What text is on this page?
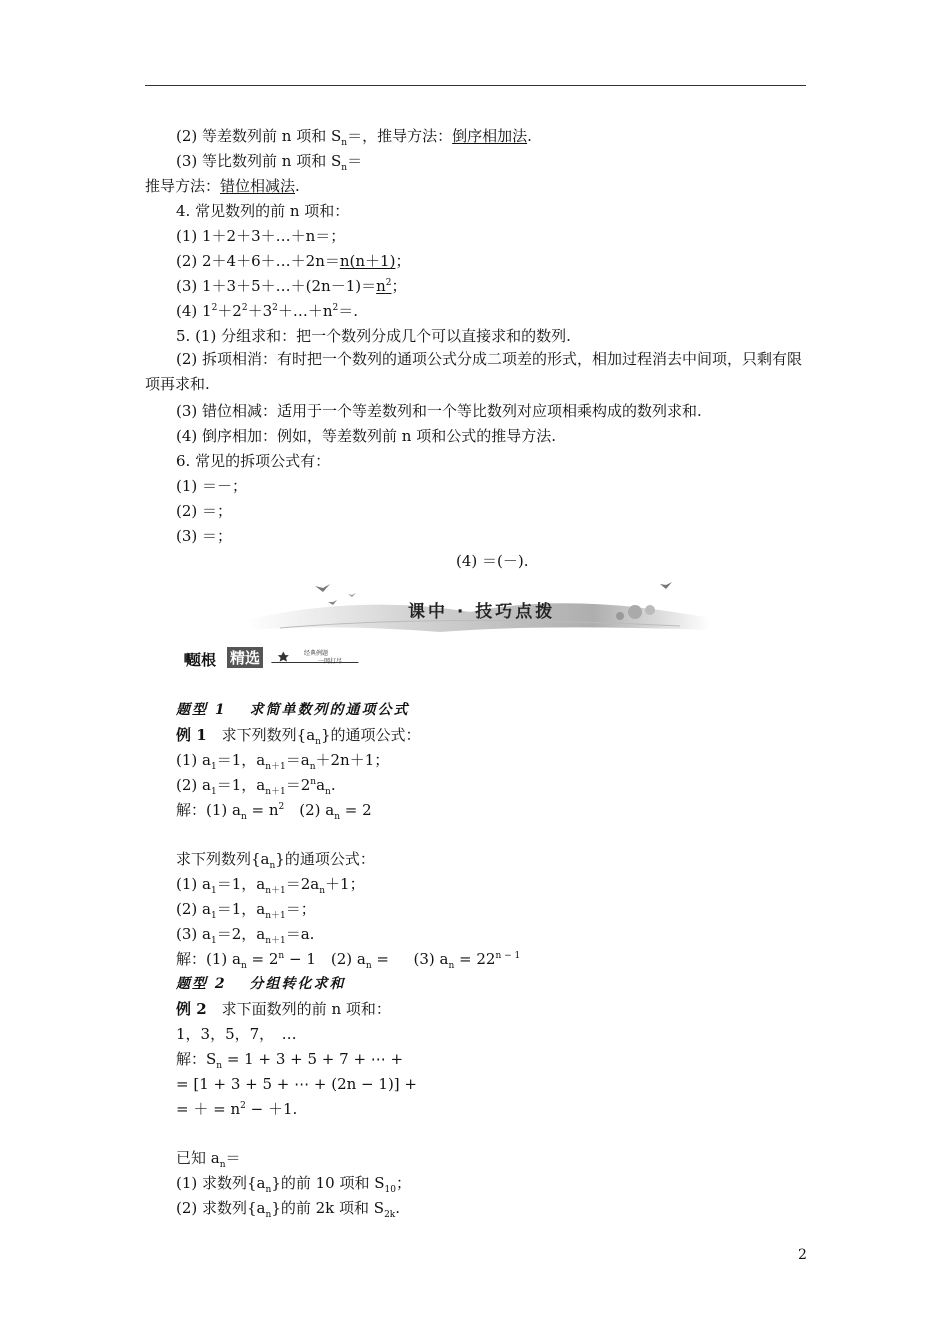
(2) 等差数列前 n 项和 $S_n=$，推导方法：倒序相加法.
(3) 等比数列前 n 项和 $S_n=$
推导方法：错位相减法.
4. 常见数列的前 n 项和：
(1) 1＋2＋3＋…＋n＝；
(2) 2＋4＋6＋…＋2n＝n(n＋1)；
(3) $1+3+5+\dots+(2n-1)=n^2$；
(4) $1^2+2^2+3^2+\dots+n^2=$.
5. (1) 分组求和：把一个数列分成几个可以直接求和的数列.
(2) 拆项相消：有时把一个数列的通项公式分成二项差的形式，相加过程消去中间项，只剩有限项再求和.
(3) 错位相减：适用于一个等差数列和一个等比数列对应项相乘构成的数列求和.
(4) 倒序相加：例如，等差数列前 n 项和公式的推导方法.
6. 常见的拆项公式有：
(1) ＝－；
(2) ＝；
(3) ＝；
(4) ＝(－).
课中 · 技巧点拨
题根 精选	经典例题
一网打尽
题型 1　 求简单数列的通项公式
例 1　求下列数列$\{a_n\}$的通项公式：
(1) $a_1=1$，$a_{n+1}=a_n+2n+1$；
(2) $a_1=1$，$a_{n+1}=2^na_n$.
解：(1) $a_n = n^2$　(2) $a_n = 2$
求下列数列$\{a_n\}$的通项公式：
(1) $a_1=1$，$a_{n+1}=2a_n+1$；
(2) $a_1=1$，$a_{n+1}=$；
(3) $a_1=2$，$a_{n+1}=a$.
解：(1) $a_n = 2^n - 1$　(2) $a_n$ = 　 (3) $a_n = 22^{n - 1}$
题型 2　 分组转化求和
例 2　求下面数列的前 n 项和：
1，3，5，7，　…
解：$S_n = 1 + 3 + 5 + 7$ + ⋯ +
= [1 + 3 + 5 + ⋯ + (2n − 1)] +
= ＋ = $n^2 - +1$.
已知 $a_n=$
(1) 求数列$\{a_n\}$的前 10 项和 $S_{10}$；
(2) 求数列$\{a_n\}$的前 2k 项和 $S_{2k}$.
2
